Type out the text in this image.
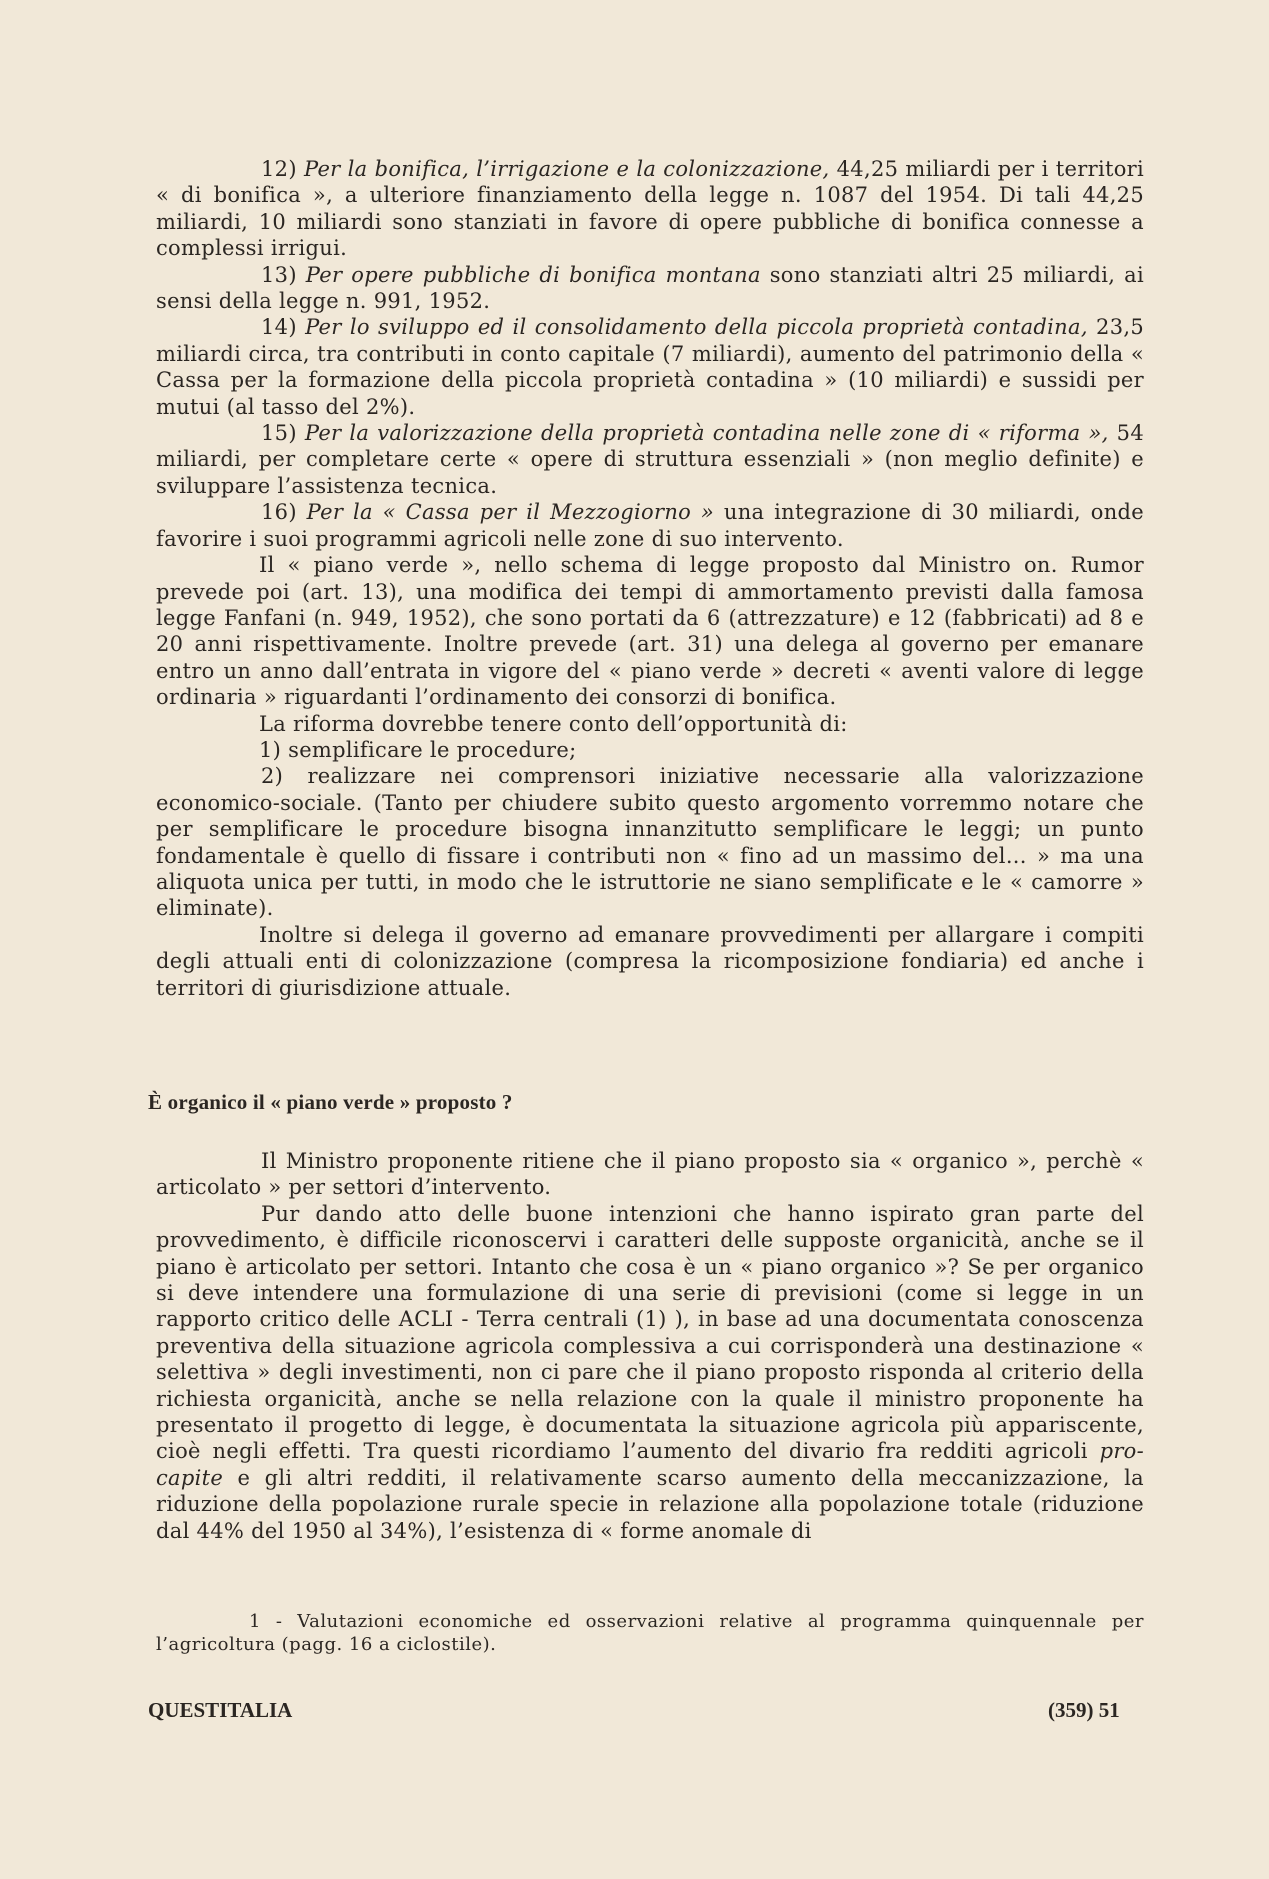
12) Per la bonifica, l’irrigazione e la colonizzazione, 44,25 miliardi per i territori « di bonifica », a ulteriore finanziamento della legge n. 1087 del 1954. Di tali 44,25 miliardi, 10 miliardi sono stanziati in favore di opere pubbliche di bonifica connesse a complessi irrigui.

13) Per opere pubbliche di bonifica montana sono stanziati altri 25 miliardi, ai sensi della legge n. 991, 1952.

14) Per lo sviluppo ed il consolidamento della piccola proprietà contadina, 23,5 miliardi circa, tra contributi in conto capitale (7 miliardi), aumento del patrimonio della « Cassa per la formazione della piccola proprietà contadina » (10 miliardi) e sussidi per mutui (al tasso del 2%).

15) Per la valorizzazione della proprietà contadina nelle zone di « riforma », 54 miliardi, per completare certe « opere di struttura essenziali » (non meglio definite) e sviluppare l’assistenza tecnica.

16) Per la « Cassa per il Mezzogiorno » una integrazione di 30 miliardi, onde favorire i suoi programmi agricoli nelle zone di suo intervento.

Il « piano verde », nello schema di legge proposto dal Ministro on. Rumor prevede poi (art. 13), una modifica dei tempi di ammortamento previsti dalla famosa legge Fanfani (n. 949, 1952), che sono portati da 6 (attrezzature) e 12 (fabbricati) ad 8 e 20 anni rispettivamente. Inoltre prevede (art. 31) una delega al governo per emanare entro un anno dall’entrata in vigore del « piano verde » decreti « aventi valore di legge ordinaria » riguardanti l’ordinamento dei consorzi di bonifica.

La riforma dovrebbe tenere conto dell’opportunità di:

1) semplificare le procedure;

2) realizzare nei comprensori iniziative necessarie alla valorizzazione economico-sociale. (Tanto per chiudere subito questo argomento vorremmo notare che per semplificare le procedure bisogna innanzitutto semplificare le leggi; un punto fondamentale è quello di fissare i contributi non « fino ad un massimo del... » ma una aliquota unica per tutti, in modo che le istruttorie ne siano semplificate e le « camorre » eliminate).

Inoltre si delega il governo ad emanare provvedimenti per allargare i compiti degli attuali enti di colonizzazione (compresa la ricomposizione fondiaria) ed anche i territori di giurisdizione attuale.

È organico il « piano verde » proposto ?

Il Ministro proponente ritiene che il piano proposto sia « organico », perchè « articolato » per settori d’intervento.

Pur dando atto delle buone intenzioni che hanno ispirato gran parte del provvedimento, è difficile riconoscervi i caratteri delle supposte organicità, anche se il piano è articolato per settori. Intanto che cosa è un « piano organico »? Se per organico si deve intendere una formulazione di una serie di previsioni (come si legge in un rapporto critico delle ACLI - Terra centrali (1) ), in base ad una documentata conoscenza preventiva della situazione agricola complessiva a cui corrisponderà una destinazione « selettiva » degli investimenti, non ci pare che il piano proposto risponda al criterio della richiesta organicità, anche se nella relazione con la quale il ministro proponente ha presentato il progetto di legge, è documentata la situazione agricola più appariscente, cioè negli effetti. Tra questi ricordiamo l’aumento del divario fra redditi agricoli pro-capite e gli altri redditi, il relativamente scarso aumento della meccanizzazione, la riduzione della popolazione rurale specie in relazione alla popolazione totale (riduzione dal 44% del 1950 al 34%), l’esistenza di « forme anomale di

1 - Valutazioni economiche ed osservazioni relative al programma quinquennale per l’agricoltura (pagg. 16 a ciclostile).

QUESTITALIA	(359) 51
